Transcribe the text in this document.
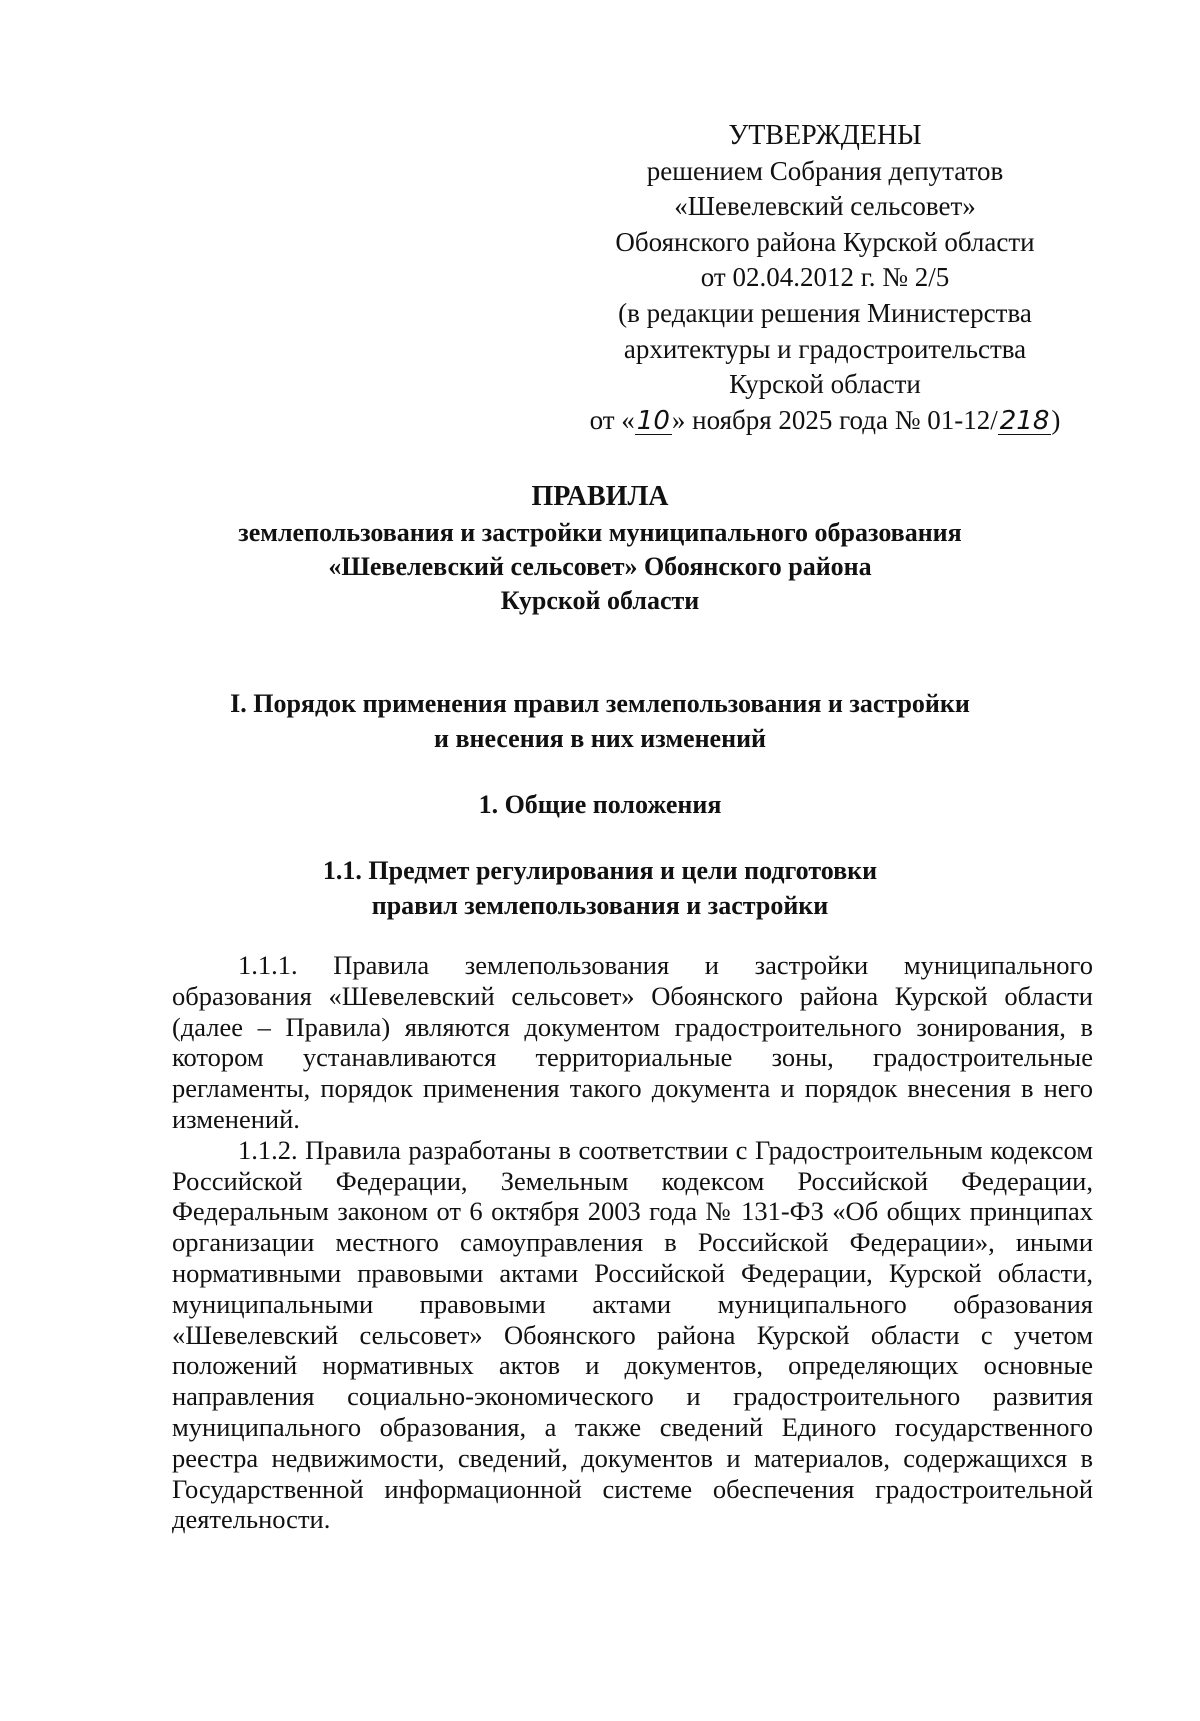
УТВЕРЖДЕНЫ
решением Собрания депутатов
«Шевелевский сельсовет»
Обоянского района Курской области
от 02.04.2012 г. № 2/5
(в редакции решения Министерства
архитектуры и градостроительства
Курской области
от «10» ноября 2025 года № 01-12/218)
ПРАВИЛА
землепользования и застройки муниципального образования
«Шевелевский сельсовет» Обоянского района
Курской области
I. Порядок применения правил землепользования и застройки
и внесения в них изменений
1. Общие положения
1.1. Предмет регулирования и цели подготовки
правил землепользования и застройки

1.1.1. Правила землепользования и застройки муниципального образования «Шевелевский сельсовет» Обоянского района Курской области (далее – Правила) являются документом градостроительного зонирования, в котором устанавливаются территориальные зоны, градостроительные регламенты, порядок применения такого документа и порядок внесения в него изменений.

1.1.2. Правила разработаны в соответствии с Градостроительным кодексом Российской Федерации, Земельным кодексом Российской Федерации, Федеральным законом от 6 октября 2003 года № 131-ФЗ «Об общих принципах организации местного самоуправления в Российской Федерации», иными нормативными правовыми актами Российской Федерации, Курской области, муниципальными правовыми актами муниципального образования «Шевелевский сельсовет» Обоянского района Курской области с учетом положений нормативных актов и документов, определяющих основные направления социально-экономического и градостроительного развития муниципального образования, а также сведений Единого государственного реестра недвижимости, сведений, документов и материалов, содержащихся в Государственной информационной системе обеспечения градостроительной деятельности.
